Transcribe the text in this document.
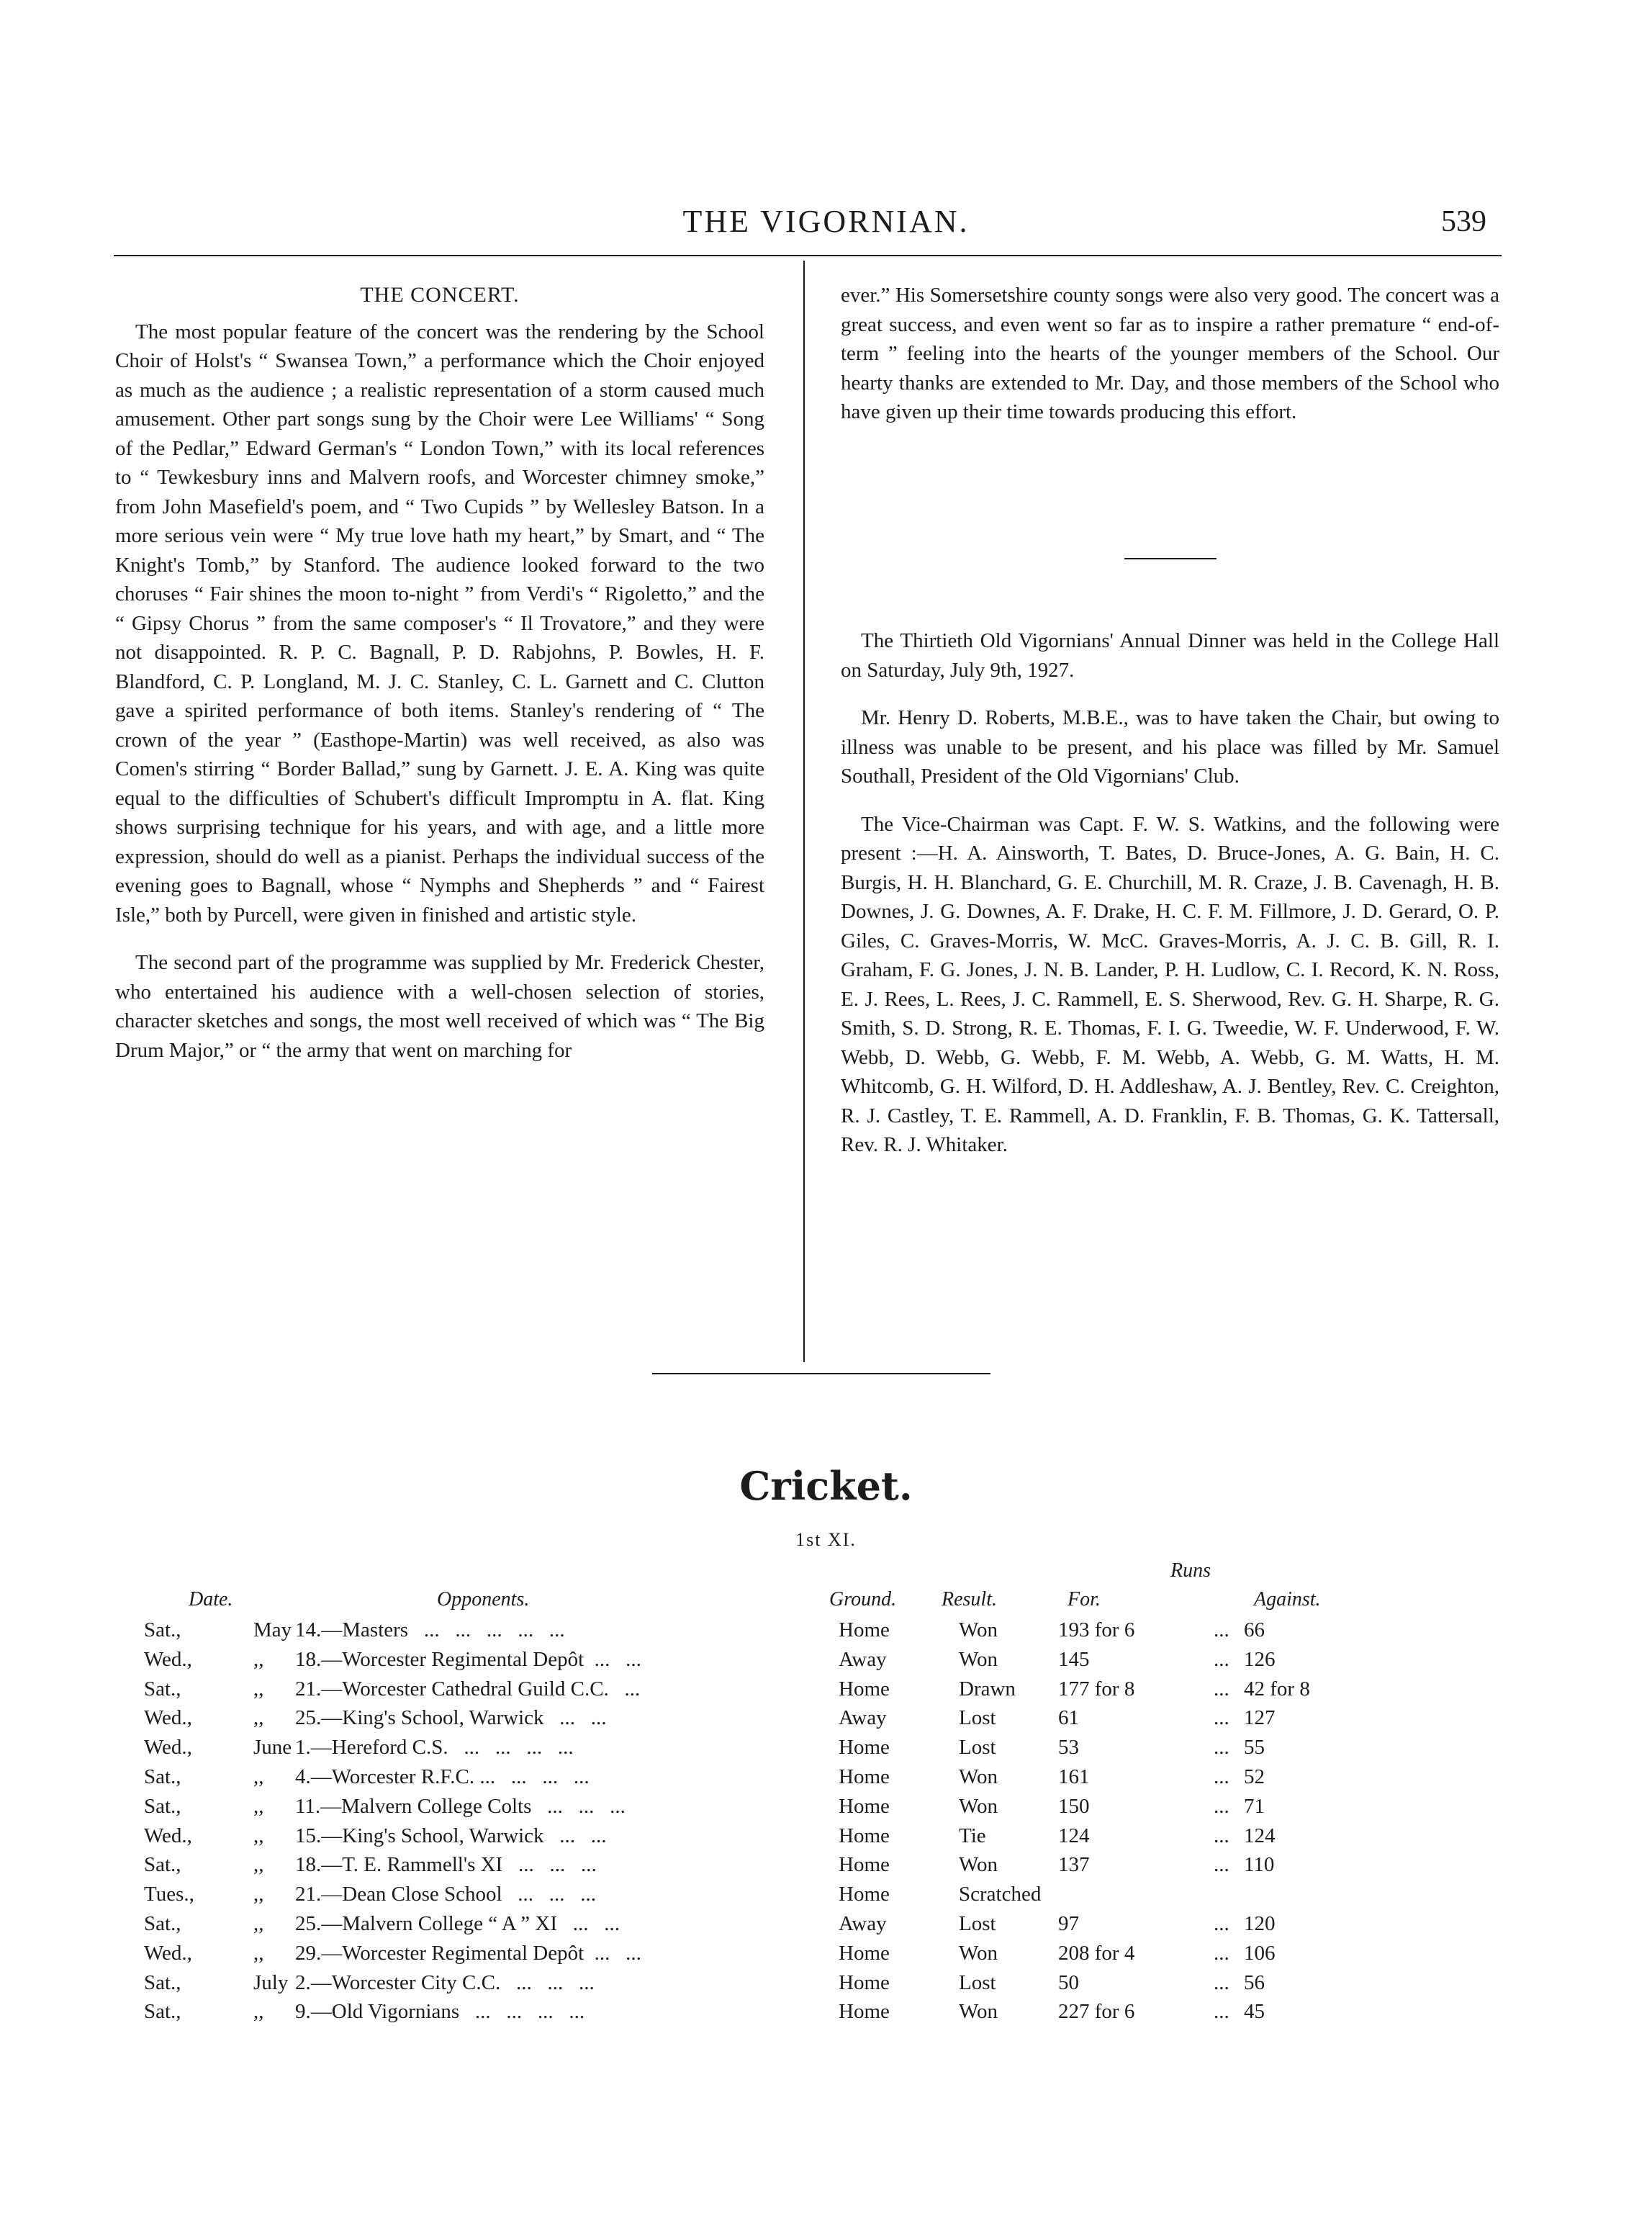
THE VIGORNIAN.	539
THE CONCERT.

The most popular feature of the concert was the rendering by the School Choir of Holst's “ Swansea Town,” a performance which the Choir enjoyed as much as the audience ; a realistic representation of a storm caused much amusement. Other part songs sung by the Choir were Lee Williams' “ Song of the Pedlar,” Edward German's “ London Town,” with its local references to “ Tewkesbury inns and Malvern roofs, and Worcester chimney smoke,” from John Masefield's poem, and “ Two Cupids ” by Wellesley Batson. In a more serious vein were “ My true love hath my heart,” by Smart, and “ The Knight's Tomb,” by Stanford. The audience looked forward to the two choruses “ Fair shines the moon to-night ” from Verdi's “ Rigoletto,” and the “ Gipsy Chorus ” from the same composer's “ Il Trovatore,” and they were not disappointed. R. P. C. Bagnall, P. D. Rabjohns, P. Bowles, H. F. Blandford, C. P. Longland, M. J. C. Stanley, C. L. Garnett and C. Clutton gave a spirited performance of both items. Stanley's rendering of “ The crown of the year ” (Easthope-Martin) was well received, as also was Comen's stirring “ Border Ballad,” sung by Garnett. J. E. A. King was quite equal to the difficulties of Schubert's difficult Impromptu in A. flat. King shows surprising technique for his years, and with age, and a little more expression, should do well as a pianist. Perhaps the individual success of the evening goes to Bagnall, whose “ Nymphs and Shepherds ” and “ Fairest Isle,” both by Purcell, were given in finished and artistic style.

The second part of the programme was supplied by Mr. Frederick Chester, who entertained his audience with a well-chosen selection of stories, character sketches and songs, the most well received of which was “ The Big Drum Major,” or “ the army that went on marching for

ever.” His Somersetshire county songs were also very good. The concert was a great success, and even went so far as to inspire a rather premature “ end-of-term ” feeling into the hearts of the younger members of the School. Our hearty thanks are extended to Mr. Day, and those members of the School who have given up their time towards producing this effort.

The Thirtieth Old Vigornians' Annual Dinner was held in the College Hall on Saturday, July 9th, 1927.

Mr. Henry D. Roberts, M.B.E., was to have taken the Chair, but owing to illness was unable to be present, and his place was filled by Mr. Samuel Southall, President of the Old Vigornians' Club.

The Vice-Chairman was Capt. F. W. S. Watkins, and the following were present :—H. A. Ainsworth, T. Bates, D. Bruce-Jones, A. G. Bain, H. C. Burgis, H. H. Blanchard, G. E. Churchill, M. R. Craze, J. B. Cavenagh, H. B. Downes, J. G. Downes, A. F. Drake, H. C. F. M. Fillmore, J. D. Gerard, O. P. Giles, C. Graves-Morris, W. McC. Graves-Morris, A. J. C. B. Gill, R. I. Graham, F. G. Jones, J. N. B. Lander, P. H. Ludlow, C. I. Record, K. N. Ross, E. J. Rees, L. Rees, J. C. Rammell, E. S. Sherwood, Rev. G. H. Sharpe, R. G. Smith, S. D. Strong, R. E. Thomas, F. I. G. Tweedie, W. F. Underwood, F. W. Webb, D. Webb, G. Webb, F. M. Webb, A. Webb, G. M. Watts, H. M. Whitcomb, G. H. Wilford, D. H. Addleshaw, A. J. Bentley, Rev. C. Creighton, R. J. Castley, T. E. Rammell, A. D. Franklin, F. B. Thomas, G. K. Tattersall, Rev. R. J. Whitaker.

Cricket.
1st XI.
Date.	Opponents.	Ground. Result.
Runs
For.	Against.
Sat.,	May 14.—Masters   ...   ...   ...   ...   ...	Home	Won	193 for 6	... 66
Wed.,	,, 18.—Worcester Regimental Depôt  ...   ...	Away	Won	145	... 126
Sat.,	,, 21.—Worcester Cathedral Guild C.C.   ...	Home	Drawn 177 for 8	... 42 for 8
Wed.,	,, 25.—King's School, Warwick   ...   ...	Away	Lost	61	... 127
Wed.,	June 1.—Hereford C.S.   ...   ...   ...   ...	Home	Lost	53	... 55
Sat.,	,, 4.—Worcester R.F.C. ...   ...   ...   ...	Home	Won	161	... 52
Sat.,	,, 11.—Malvern College Colts   ...   ...   ...	Home	Won	150	... 71
Wed.,	,, 15.—King's School, Warwick   ...   ...	Home	Tie	124	... 124
Sat.,	,, 18.—T. E. Rammell's XI   ...   ...   ...	Home	Won	137	... 110
Tues.,	,, 21.—Dean Close School   ...   ...   ...	Home	Scratched
Sat.,	,, 25.—Malvern College “ A ” XI   ...   ...	Away	Lost	97	... 120
Wed.,	,, 29.—Worcester Regimental Depôt  ...   ...	Home	Won	208 for 4	... 106
Sat.,	July 2.—Worcester City C.C.   ...   ...   ...	Home	Lost	50	... 56
Sat.,	,, 9.—Old Vigornians   ...   ...   ...   ...	Home	Won	227 for 6	... 45
